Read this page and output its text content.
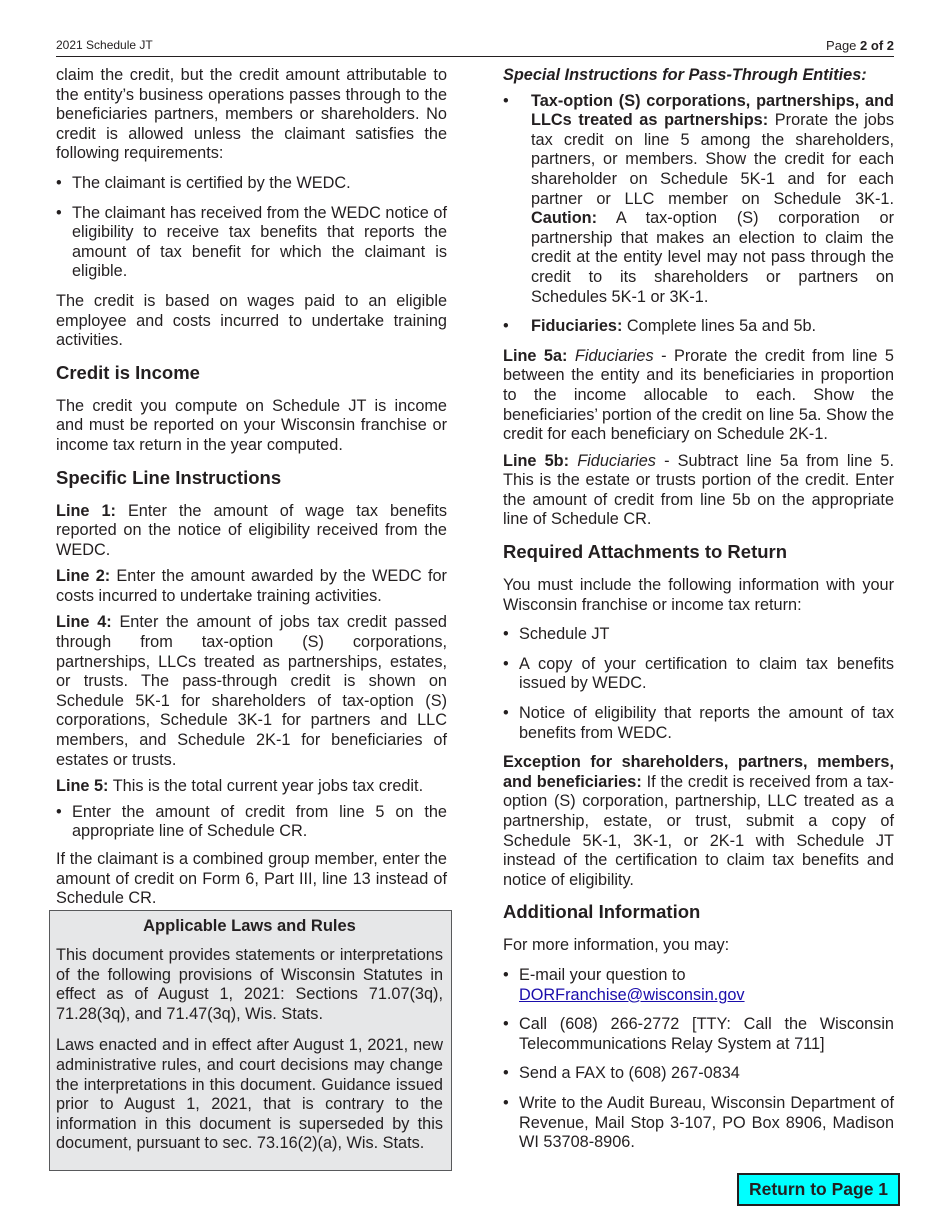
2021 Schedule JT	Page 2 of 2

claim the credit, but the credit amount attributable to the entity’s business operations passes through to the beneficiaries partners, members or shareholders. No credit is allowed unless the claimant satisfies the following requirements:

• The claimant is certified by the WEDC.
• The claimant has received from the WEDC notice of eligibility to receive tax benefits that reports the amount of tax benefit for which the claimant is eligible.

The credit is based on wages paid to an eligible employee and costs incurred to undertake training activities.

Credit is Income

The credit you compute on Schedule JT is income and must be reported on your Wisconsin franchise or income tax return in the year computed.

Specific Line Instructions

Line 1: Enter the amount of wage tax benefits reported on the notice of eligibility received from the WEDC.

Line 2: Enter the amount awarded by the WEDC for costs incurred to undertake training activities.

Line 4: Enter the amount of jobs tax credit passed through from tax-option (S) corporations, partnerships, LLCs treated as partnerships, estates, or trusts. The pass-through credit is shown on Schedule 5K-1 for shareholders of tax-option (S) corporations, Schedule 3K-1 for partners and LLC members, and Schedule 2K-1 for beneficiaries of estates or trusts.

Line 5: This is the total current year jobs tax credit.

• Enter the amount of credit from line 5 on the appropriate line of Schedule CR.

If the claimant is a combined group member, enter the amount of credit on Form 6, Part III, line 13 instead of Schedule CR.

Applicable Laws and Rules

This document provides statements or interpretations of the following provisions of Wisconsin Statutes in effect as of August 1, 2021: Sections 71.07(3q), 71.28(3q), and 71.47(3q), Wis. Stats.

Laws enacted and in effect after August 1, 2021, new administrative rules, and court decisions may change the interpretations in this document. Guidance issued prior to August 1, 2021, that is contrary to the information in this document is superseded by this document, pursuant to sec. 73.16(2)(a), Wis. Stats.

Special Instructions for Pass-Through Entities:

• Tax-option (S) corporations, partnerships, and LLCs treated as partnerships: Prorate the jobs tax credit on line 5 among the shareholders, partners, or members. Show the credit for each shareholder on Schedule 5K-1 and for each partner or LLC member on Schedule 3K-1. Caution: A tax-option (S) corporation or partnership that makes an election to claim the credit at the entity level may not pass through the credit to its shareholders or partners on Schedules 5K-1 or 3K-1.
• Fiduciaries: Complete lines 5a and 5b.

Line 5a: Fiduciaries - Prorate the credit from line 5 between the entity and its beneficiaries in proportion to the income allocable to each. Show the beneficiaries’ portion of the credit on line 5a. Show the credit for each beneficiary on Schedule 2K-1.

Line 5b: Fiduciaries - Subtract line 5a from line 5. This is the estate or trusts portion of the credit. Enter the amount of credit from line 5b on the appropriate line of Schedule CR.

Required Attachments to Return

You must include the following information with your Wisconsin franchise or income tax return:

• Schedule JT
• A copy of your certification to claim tax benefits issued by WEDC.
• Notice of eligibility that reports the amount of tax benefits from WEDC.

Exception for shareholders, partners, members, and beneficiaries: If the credit is received from a tax-option (S) corporation, partnership, LLC treated as a partnership, estate, or trust, submit a copy of Schedule 5K-1, 3K-1, or 2K-1 with Schedule JT instead of the certification to claim tax benefits and notice of eligibility.

Additional Information

For more information, you may:

• E-mail your question to
DORFranchise@wisconsin.gov
• Call (608) 266-2772 [TTY: Call the Wisconsin Telecommunications Relay System at 711]
• Send a FAX to (608) 267-0834
• Write to the Audit Bureau, Wisconsin Department of Revenue, Mail Stop 3-107, PO Box 8906, Madison WI 53708-8906.
Return to Page 1
